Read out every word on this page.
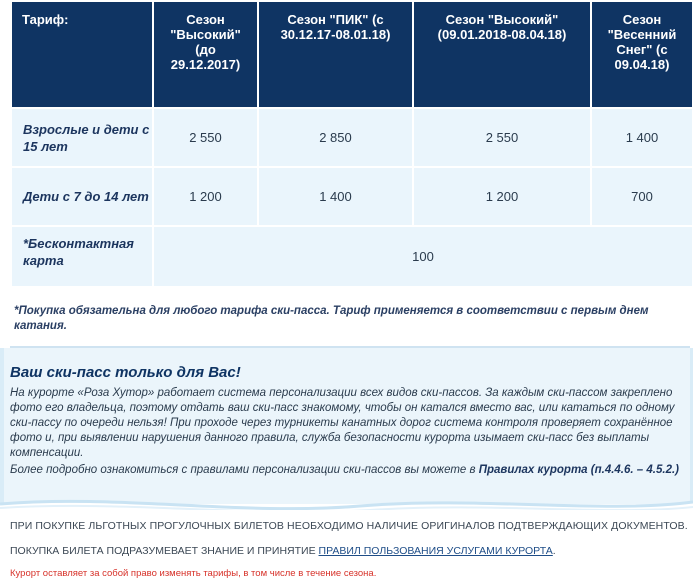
Тариф:	Сезон "Высокий" (до 29.12.2017)	Сезон "ПИК" (с 30.12.17-08.01.18)	Сезон "Высокий" (09.01.2018-08.04.18)	Сезон "Весенний Снег" (с 09.04.18)
Взрослые и дети с 15 лет	2 550	2 850	2 550	1 400
Дети с 7 до 14 лет	1 200	1 400	1 200	700
*Бесконтактная карта	100			

*Покупка обязательна для любого тарифа ски-пасса. Тариф применяется в соответствии с первым днем катания.

Ваш ски-пасс только для Вас!

На курорте «Роза Хутор» работает система персонализации всех видов ски-пассов. За каждым ски-пассом закреплено фото его владельца, поэтому отдать ваш ски-пасс знакомому, чтобы он катался вместо вас, или кататься по одному ски-пассу по очереди нельзя! При проходе через турникеты канатных дорог система контроля проверяет сохранённое фото и, при выявлении нарушения данного правила, служба безопасности курорта изымает ски-пасс без выплаты компенсации.

Более подробно ознакомиться с правилами персонализации ски-пассов вы можете в Правилах курорта (п.4.4.6. – 4.5.2.)

ПРИ ПОКУПКЕ ЛЬГОТНЫХ ПРОГУЛОЧНЫХ БИЛЕТОВ НЕОБХОДИМО НАЛИЧИЕ ОРИГИНАЛОВ ПОДТВЕРЖДАЮЩИХ ДОКУМЕНТОВ.

ПОКУПКА БИЛЕТА ПОДРАЗУМЕВАЕТ ЗНАНИЕ И ПРИНЯТИЕ ПРАВИЛ ПОЛЬЗОВАНИЯ УСЛУГАМИ КУРОРТА.

Курорт оставляет за собой право изменять тарифы, в том числе в течение сезона.
